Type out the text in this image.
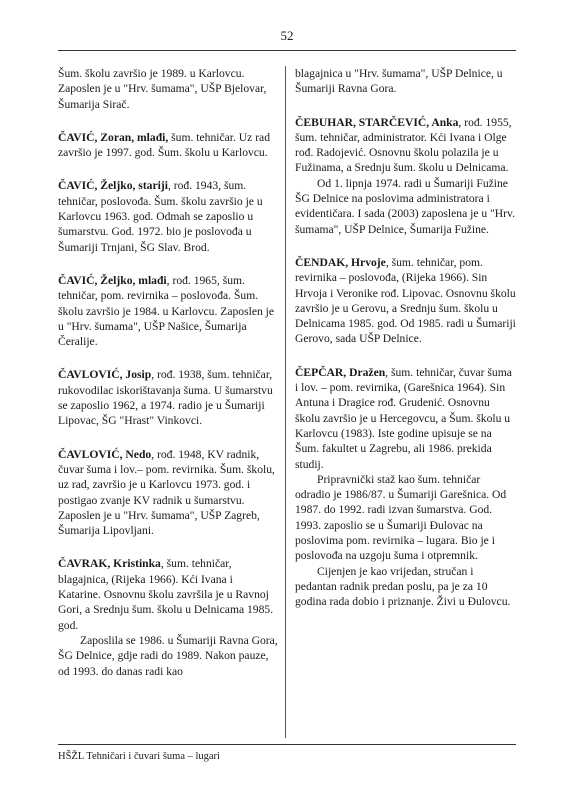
52

Šum. školu završio je 1989. u Karlovcu. Zaposlen je u "Hrv. šumama", UŠP Bjelovar, Šumarija Sirač.

ČAVIĆ, Zoran, mlađi, šum. tehničar. Uz rad završio je 1997. god. Šum. školu u Karlovcu.

ČAVIĆ, Željko, stariji, rođ. 1943, šum. tehničar, poslovođa. Šum. školu završio je u Karlovcu 1963. god. Odmah se zaposlio u šumarstvu. God. 1972. bio je poslovođa u Šumariji Trnjani, ŠG Slav. Brod.

ČAVIĆ, Željko, mlađi, rođ. 1965, šum. tehničar, pom. revirnika – poslovođa. Šum. školu završio je 1984. u Karlovcu. Zaposlen je u "Hrv. šumama", UŠP Našice, Šumarija Čeralije.

ČAVLOVIĆ, Josip, rođ. 1938, šum. tehničar, rukovodilac iskorištavanja šuma. U šumarstvu se zaposlio 1962, a 1974. radio je u Šumariji Lipovac, ŠG "Hrast" Vinkovci.

ČAVLOVIĆ, Nedo, rođ. 1948, KV radnik, čuvar šuma i lov.– pom. revirnika. Šum. školu, uz rad, završio je u Karlovcu 1973. god. i postigao zvanje KV radnik u šumarstvu. Zaposlen je u "Hrv. šumama", UŠP Zagreb, Šumarija Lipovljani.

ČAVRAK, Kristinka, šum. tehničar, blagajnica, (Rijeka 1966). Kći Ivana i Katarine. Osnovnu školu završila je u Ravnoj Gori, a Srednju šum. školu u Delnicama 1985. god.

Zaposlila se 1986. u Šumariji Ravna Gora, ŠG Delnice, gdje radi do 1989. Nakon pauze, od 1993. do danas radi kao

blagajnica u "Hrv. šumama", UŠP Delnice, u Šumariji Ravna Gora.

ČEBUHAR, STARČEVIĆ, Anka, rođ. 1955, šum. tehničar, administrator. Kći Ivana i Olge rođ. Radojević. Osnovnu školu polazila je u Fužinama, a Srednju šum. školu u Delnicama.

Od 1. lipnja 1974. radi u Šumariji Fužine ŠG Delnice na poslovima administratora i evidentičara. I sada (2003) zaposlena je u "Hrv. šumama", UŠP Delnice, Šumarija Fužine.

ČENDAK, Hrvoje, šum. tehničar, pom. revirnika – poslovođa, (Rijeka 1966). Sin Hrvoja i Veronike rođ. Lipovac. Osnovnu školu završio je u Gerovu, a Srednju šum. školu u Delnicama 1985. god. Od 1985. radi u Šumariji Gerovo, sada UŠP Delnice.

ČEPČAR, Dražen, šum. tehničar, čuvar šuma i lov. – pom. revirnika, (Garešnica 1964). Sin Antuna i Dragice rođ. Grudenić. Osnovnu školu završio je u Hercegovcu, a Šum. školu u Karlovcu (1983). Iste godine upisuje se na Šum. fakultet u Zagrebu, ali 1986. prekida studij.

Pripravnički staž kao šum. tehničar odradio je 1986/87. u Šumariji Garešnica. Od 1987. do 1992. radi izvan šumarstva. God. 1993. zaposlio se u Šumariji Đulovac na poslovima pom. revirnika – lugara. Bio je i poslovođa na uzgoju šuma i otpremnik.

Cijenjen je kao vrijedan, stručan i pedantan radnik predan poslu, pa je za 10 godina rada dobio i priznanje. Živi u Đulovcu.

HŠŽL Tehničari i čuvari šuma – lugari
